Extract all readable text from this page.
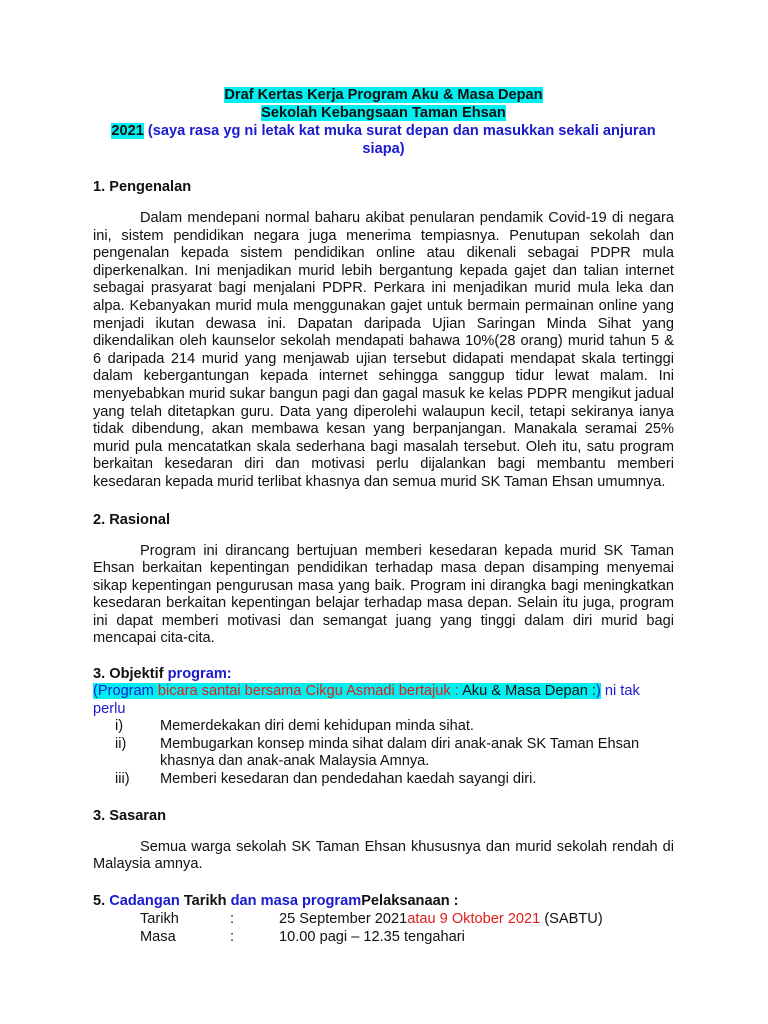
Draf Kertas Kerja Program Aku & Masa Depan
Sekolah Kebangsaan Taman Ehsan
2021 (saya rasa yg ni letak kat muka surat depan dan masukkan sekali anjuran siapa)
1. Pengenalan

Dalam mendepani normal baharu akibat penularan pendamik Covid-19 di negara ini, sistem pendidikan negara juga menerima tempiasnya. Penutupan sekolah dan pengenalan kepada sistem pendidikan online atau dikenali sebagai PDPR mula diperkenalkan. Ini menjadikan murid lebih bergantung kepada gajet dan talian internet sebagai prasyarat bagi menjalani PDPR. Perkara ini menjadikan murid mula leka dan alpa. Kebanyakan murid mula menggunakan gajet untuk bermain permainan online yang menjadi ikutan dewasa ini. Dapatan daripada Ujian Saringan Minda Sihat yang dikendalikan oleh kaunselor sekolah mendapati bahawa 10%(28 orang) murid tahun 5 & 6 daripada 214 murid yang menjawab ujian tersebut didapati mendapat skala tertinggi dalam kebergantungan kepada internet sehingga sanggup tidur lewat malam. Ini menyebabkan murid sukar bangun pagi dan gagal masuk ke kelas PDPR mengikut jadual yang telah ditetapkan guru. Data yang diperolehi walaupun kecil, tetapi sekiranya ianya tidak dibendung, akan membawa kesan yang berpanjangan. Manakala seramai 25% murid pula mencatatkan skala sederhana bagi masalah tersebut. Oleh itu, satu program berkaitan kesedaran diri dan motivasi perlu dijalankan bagi membantu memberi kesedaran kepada murid terlibat khasnya dan semua murid SK Taman Ehsan umumnya.

2. Rasional

Program ini dirancang bertujuan memberi kesedaran kepada murid SK Taman Ehsan berkaitan kepentingan pendidikan terhadap masa depan disamping menyemai sikap kepentingan pengurusan masa yang baik. Program ini dirangka bagi meningkatkan kesedaran berkaitan kepentingan belajar terhadap masa depan. Selain itu juga, program ini dapat memberi motivasi dan semangat juang yang tinggi dalam diri murid bagi mencapai cita-cita.

3. Objektif program:
(Program bicara santai bersama Cikgu Asmadi bertajuk : Aku & Masa Depan :) ni tak perlu
i)	Memerdekakan diri demi kehidupan minda sihat.
ii)	Membugarkan konsep minda sihat dalam diri anak-anak SK Taman Ehsan khasnya dan anak-anak Malaysia Amnya.
iii)	Memberi kesedaran dan pendedahan kaedah sayangi diri.
3. Sasaran

Semua warga sekolah SK Taman Ehsan khususnya dan murid sekolah rendah di Malaysia amnya.

5. Cadangan Tarikh dan masa programPelaksanaan :
Tarikh	:	25 September 2021atau 9 Oktober 2021 (SABTU)
Masa	:	10.00 pagi – 12.35 tengahari
